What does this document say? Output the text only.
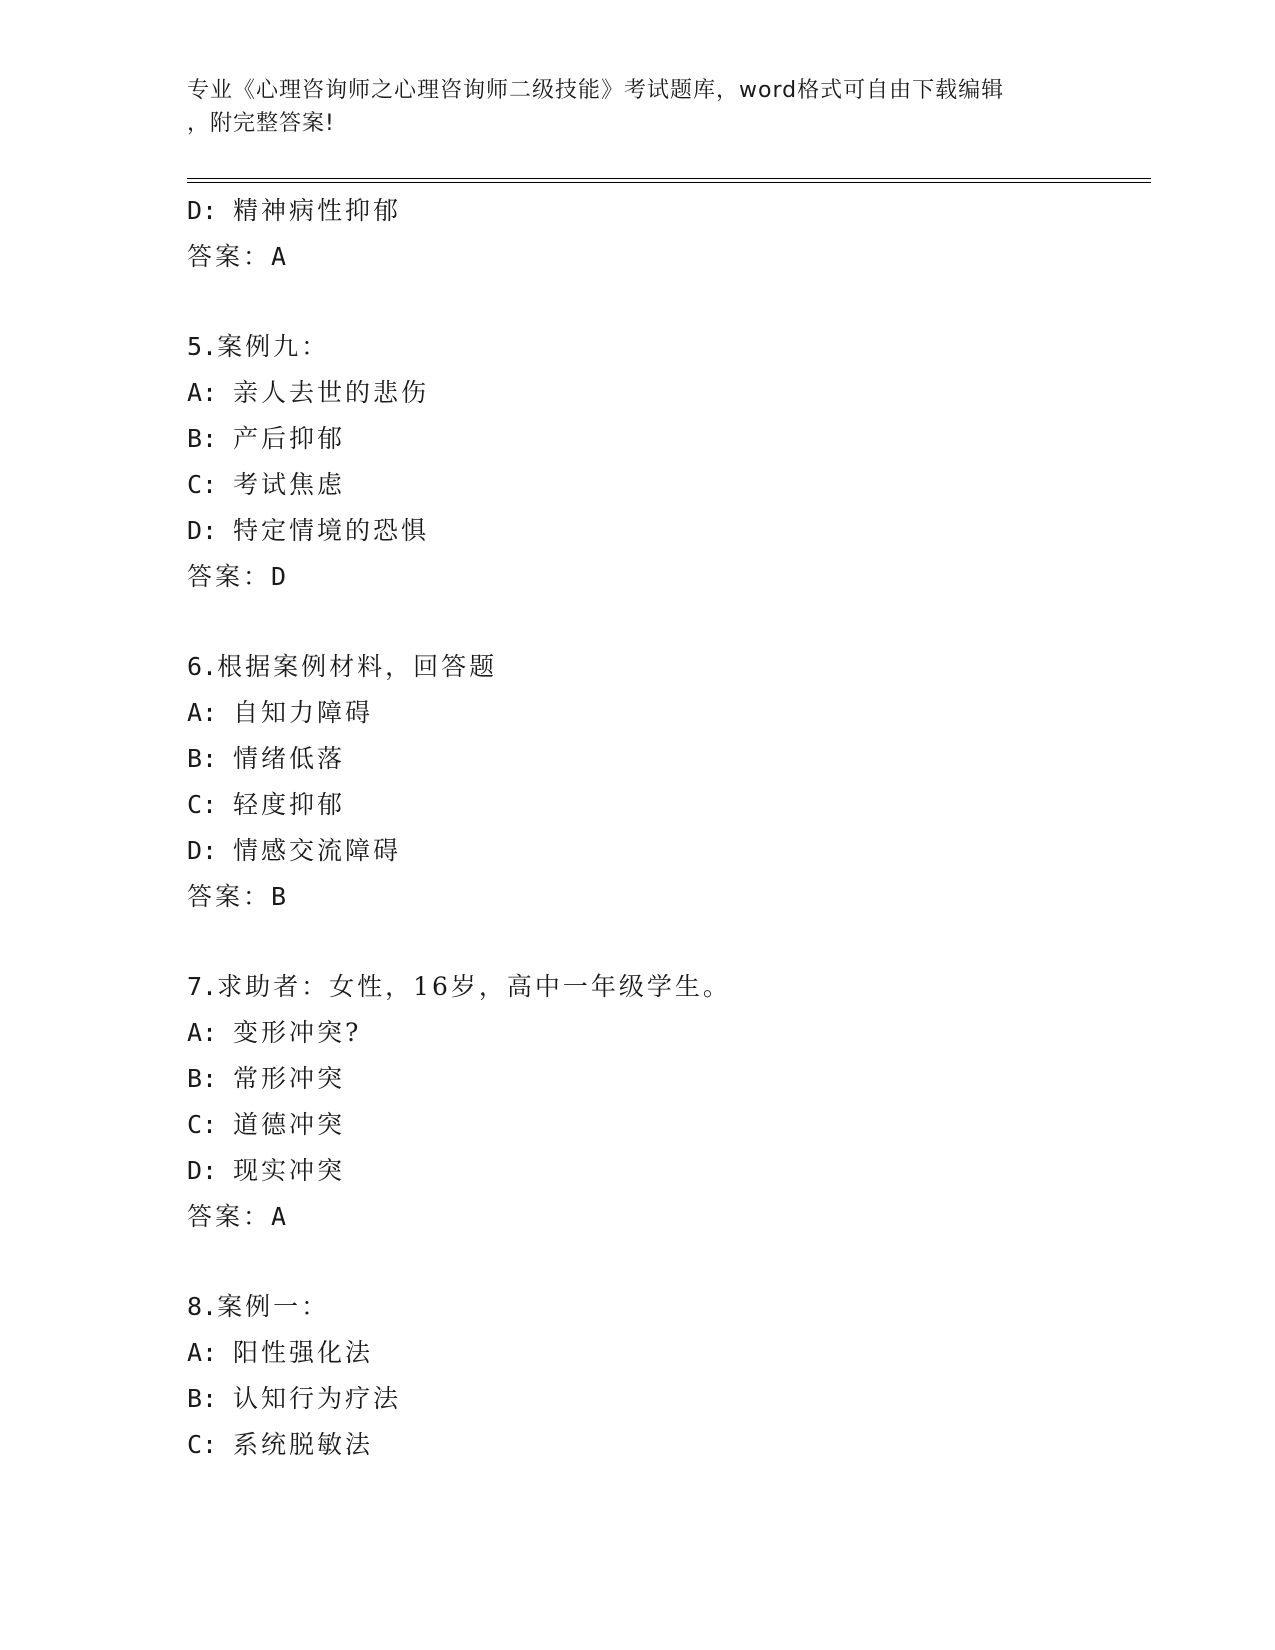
专业《心理咨询师之心理咨询师二级技能》考试题库，word格式可自由下载编辑
，附完整答案!
D: 精神病性抑郁
答案：A
5.案例九：
A: 亲人去世的悲伤
B: 产后抑郁
C: 考试焦虑
D: 特定情境的恐惧
答案：D
6.根据案例材料，回答题
A: 自知力障碍
B: 情绪低落
C: 轻度抑郁
D: 情感交流障碍
答案：B
7.求助者：女性，16岁，高中一年级学生。
A: 变形冲突?
B: 常形冲突
C: 道德冲突
D: 现实冲突
答案：A
8.案例一：
A: 阳性强化法
B: 认知行为疗法
C: 系统脱敏法
